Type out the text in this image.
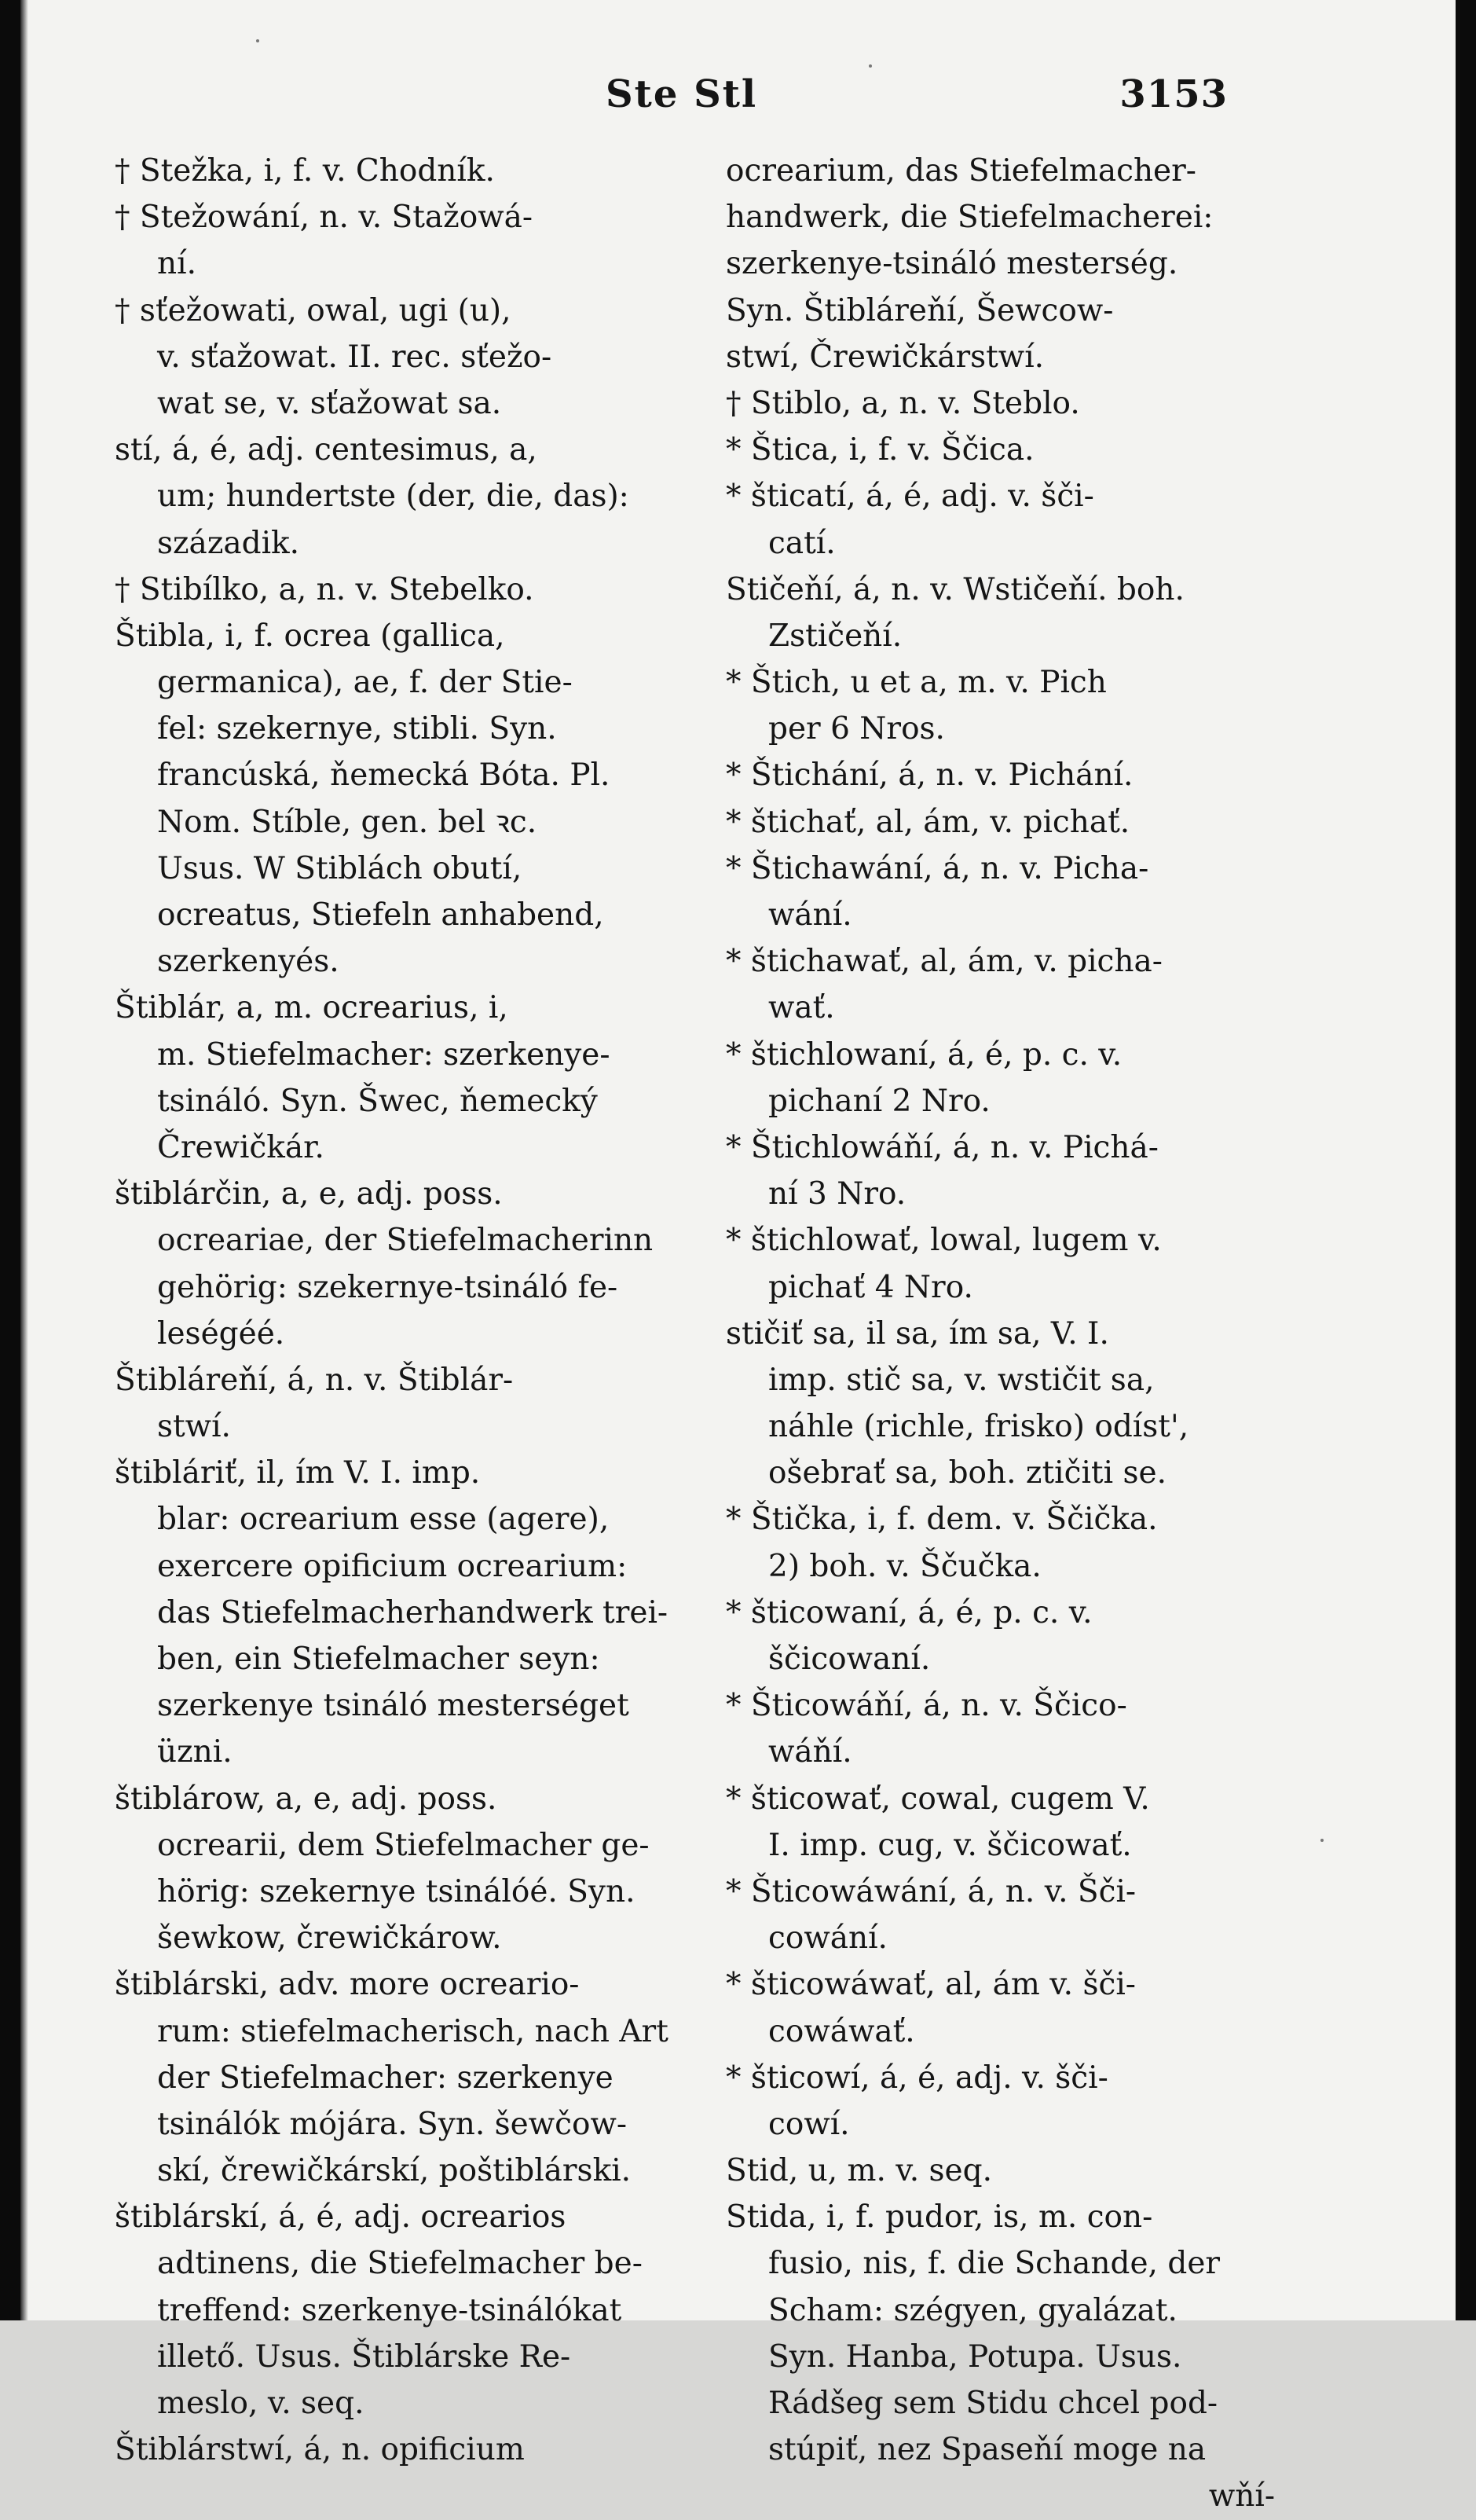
Ste Stl	3153
† Stežka, i, f. v. Chodník.
† Stežowání, n. v. Stažowá-
ní.
† sťežowati, owal, ugi (u),
v. sťažowat. II. rec. sťežo-
wat se, v. sťažowat sa.
stí, á, é, adj. centesimus, a,
um; hundertste (der, die, das):
századik.
† Stibílko, a, n. v. Stebelko.
Štibla, i, f. ocrea (gallica,
germanica), ae, f. der Stie-
fel: szekernye, stibli. Syn.
francúská, ňemecká Bóta. Pl.
Nom. Stíble, gen. bel ꝛc.
Usus. W Stiblách obutí,
ocreatus, Stiefeln anhabend,
szerkenyés.
Štiblár, a, m. ocrearius, i,
m. Stiefelmacher: szerkenye-
tsináló. Syn. Šwec, ňemecký
Črewičkár.
štiblárčin, a, e, adj. poss.
ocreariae, der Stiefelmacherinn
gehörig: szekernye-tsináló fe-
leségéé.
Štibláreňí, á, n. v. Štiblár-
stwí.
štibláriť, il, ím V. I. imp.
blar: ocrearium esse (agere),
exercere opificium ocrearium:
das Stiefelmacherhandwerk trei-
ben, ein Stiefelmacher seyn:
szerkenye tsináló mesterséget
üzni.
štiblárow, a, e, adj. poss.
ocrearii, dem Stiefelmacher ge-
hörig: szekernye tsinálóé. Syn.
šewkow, črewičkárow.
štiblárski, adv. more ocreario-
rum: stiefelmacherisch, nach Art
der Stiefelmacher: szerkenye
tsinálók mójára. Syn. šewčow-
skí, črewičkárskí, poštiblárski.
štiblárskí, á, é, adj. ocrearios
adtinens, die Stiefelmacher be-
treffend: szerkenye-tsinálókat
illető. Usus. Štiblárske Re-
meslo, v. seq.
Štiblárstwí, á, n. opificium
ocrearium, das Stiefelmacher-
handwerk, die Stiefelmacherei:
szerkenye-tsináló mesterség.
Syn. Štibláreňí, Šewcow-
stwí, Črewičkárstwí.
† Stiblo, a, n. v. Steblo.
* Štica, i, f. v. Ščica.
* šticatí, á, é, adj. v. šči-
catí.
Stičeňí, á, n. v. Wstičeňí. boh.
Zstičeňí.
* Štich, u et a, m. v. Pich
per 6 Nros.
* Štichání, á, n. v. Pichání.
* štichať, al, ám, v. pichať.
* Štichawání, á, n. v. Picha-
wání.
* štichawať, al, ám, v. picha-
wať.
* štichlowaní, á, é, p. c. v.
pichaní 2 Nro.
* Štichlowáňí, á, n. v. Pichá-
ní 3 Nro.
* štichlowať, lowal, lugem v.
pichať 4 Nro.
stičiť sa, il sa, ím sa, V. I.
imp. stič sa, v. wstičit sa,
náhle (richle, frisko) odíst',
ošebrať sa, boh. ztičiti se.
* Štička, i, f. dem. v. Ščička.
2) boh. v. Ščučka.
* šticowaní, á, é, p. c. v.
ščicowaní.
* Šticowáňí, á, n. v. Ščico-
wáňí.
* šticowať, cowal, cugem V.
I. imp. cug, v. ščicowať.
* Šticowáwání, á, n. v. Šči-
cowání.
* šticowáwať, al, ám v. šči-
cowáwať.
* šticowí, á, é, adj. v. šči-
cowí.
Stid, u, m. v. seq.
Stida, i, f. pudor, is, m. con-
fusio, nis, f. die Schande, der
Scham: szégyen, gyalázat.
Syn. Hanba, Potupa. Usus.
Rádšeg sem Stidu chcel pod-
stúpiť, nez Spaseňí moge na
wňí-
